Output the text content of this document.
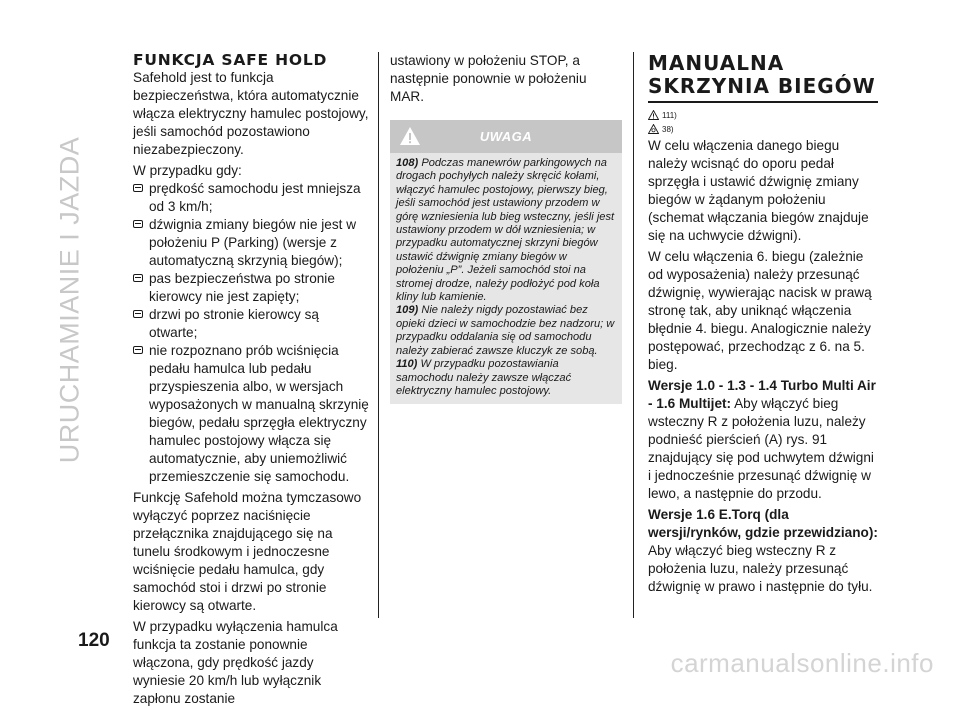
URUCHAMIANIE I JAZDA
FUNKCJA SAFE HOLD

Safehold jest to funkcja bezpieczeństwa, która automatycznie włącza elektryczny hamulec postojowy, jeśli samochód pozostawiono niezabezpieczony.

W przypadku gdy:

prędkość samochodu jest mniejsza od 3 km/h;
dźwignia zmiany biegów nie jest w położeniu P (Parking) (wersje z automatyczną skrzynią biegów);
pas bezpieczeństwa po stronie kierowcy nie jest zapięty;
drzwi po stronie kierowcy są otwarte;
nie rozpoznano prób wciśnięcia pedału hamulca lub pedału przyspieszenia albo, w wersjach wyposażonych w manualną skrzynię biegów, pedału sprzęgła elektryczny hamulec postojowy włącza się automatycznie, aby uniemożliwić przemieszczenie się samochodu.

Funkcję Safehold można tymczasowo wyłączyć poprzez naciśnięcie przełącznika znajdującego się na tunelu środkowym i jednoczesne wciśnięcie pedału hamulca, gdy samochód stoi i drzwi po stronie kierowcy są otwarte.

W przypadku wyłączenia hamulca funkcja ta zostanie ponownie włączona, gdy prędkość jazdy wyniesie 20 km/h lub wyłącznik zapłonu zostanie

ustawiony w położeniu STOP, a następnie ponownie w położeniu MAR.

UWAGA

108) Podczas manewrów parkingowych na drogach pochyłych należy skręcić kołami, włączyć hamulec postojowy, pierwszy bieg, jeśli samochód jest ustawiony przodem w górę wzniesienia lub bieg wsteczny, jeśli jest ustawiony przodem w dół wzniesienia; w przypadku automatycznej skrzyni biegów ustawić dźwignię zmiany biegów w położeniu „P”. Jeżeli samochód stoi na stromej drodze, należy podłożyć pod koła kliny lub kamienie.

109) Nie należy nigdy pozostawiać bez opieki dzieci w samochodzie bez nadzoru; w przypadku oddalania się od samochodu należy zabierać zawsze kluczyk ze sobą.

110) W przypadku pozostawiania samochodu należy zawsze włączać elektryczny hamulec postojowy.

MANUALNA
SKRZYNIA BIEGÓW
111)
38)

W celu włączenia danego biegu należy wcisnąć do oporu pedał sprzęgła i ustawić dźwignię zmiany biegów w żądanym położeniu (schemat włączania biegów znajduje się na uchwycie dźwigni).

W celu włączenia 6. biegu (zależnie od wyposażenia) należy przesunąć dźwignię, wywierając nacisk w prawą stronę tak, aby uniknąć włączenia błędnie 4. biegu. Analogicznie należy postępować, przechodząc z 6. na 5. bieg.

Wersje 1.0 - 1.3 - 1.4 Turbo Multi Air - 1.6 Multijet: Aby włączyć bieg wsteczny R z położenia luzu, należy podnieść pierścień (A) rys. 91 znajdujący się pod uchwytem dźwigni i jednocześnie przesunąć dźwignię w lewo, a następnie do przodu.

Wersje 1.6 E.Torq (dla wersji/rynków, gdzie przewidziano):

Aby włączyć bieg wsteczny R z położenia luzu, należy przesunąć dźwignię w prawo i następnie do tyłu.

120
carmanualsonline.info
